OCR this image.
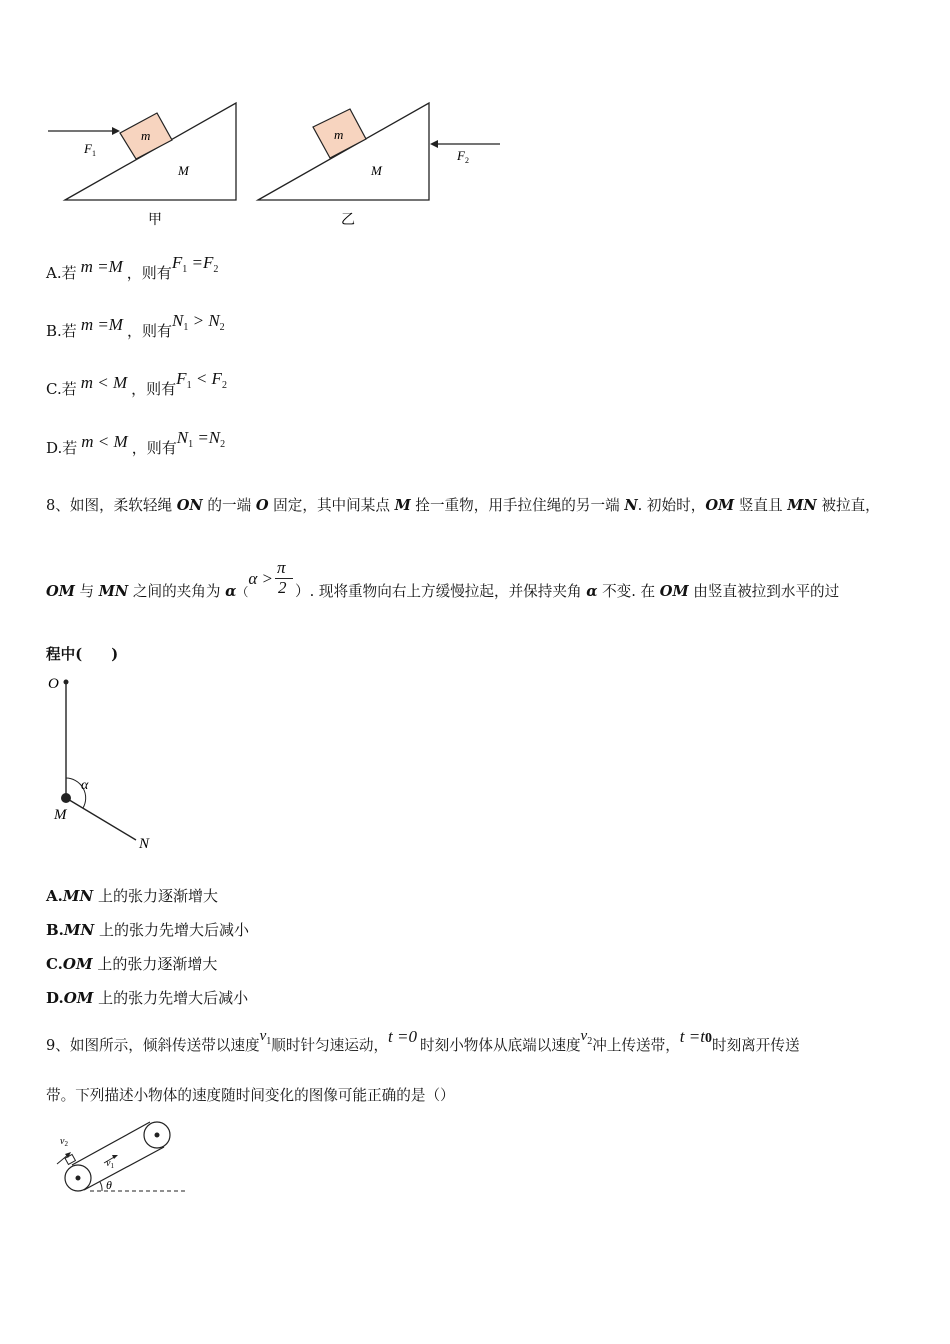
m
M
$F_1$
m
M
$F_2$
甲	乙
A.若 m =M ，则有$F_1 =F_2$
B.若 m =M ，则有$N_1 > N_2$
C.若 m < M ，则有$F_1 < F_2$
D.若 m < M ，则有$N_1 =N_2$
8、如图，柔软轻绳 ON 的一端 O 固定，其中间某点 M 拴一重物，用手拉住绳的另一端 N. 初始时，OM 竖直且 MN 被拉直，
OM 与 MN 之间的夹角为 α（α >
$\frac{\pi}{2}$ ）. 现将重物向右上方缓慢拉起，并保持夹角 α 不变. 在 OM 由竖直被拉到水平的过
程中(　　)
O
α
M
N
A.MN 上的张力逐渐增大
B.MN 上的张力先增大后减小
C.OM 上的张力逐渐增大
D.OM 上的张力先增大后减小
9、如图所示，倾斜传送带以速度$v_1$顺时针匀速运动，t =0 时刻小物体从底端以速度$v_2$冲上传送带，t =t0时刻离开传送
带。下列描述小物体的速度随时间变化的图像可能正确的是（）
$v_2$
$v_1$
θ
